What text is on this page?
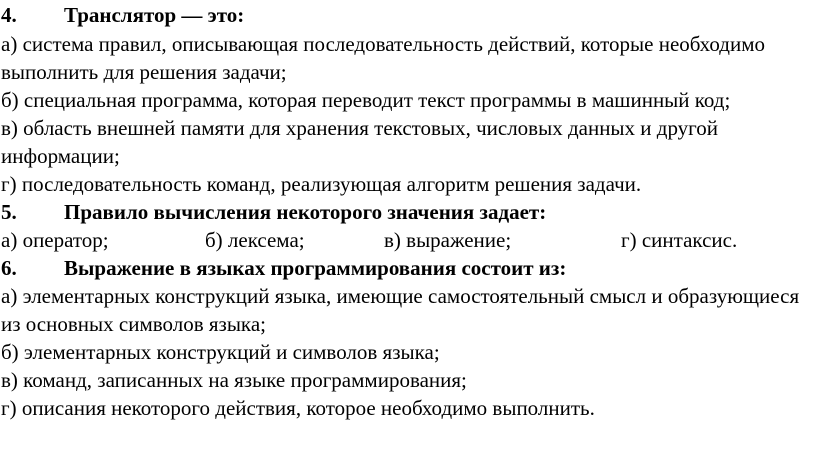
4. Транслятор — это:
а) система правил, описывающая последовательность действий, которые необходимо
выполнить для решения задачи;
б) специальная программа, которая переводит текст программы в машинный код;
в) область внешней памяти для хранения текстовых, числовых данных и другой
информации;
г) последовательность команд, реализующая алгоритм решения задачи.
5. Правило вычисления некоторого значения задает:
а) оператор;	б) лексема;	в) выражение;	г) синтаксис.
6. Выражение в языках программирования состоит из:
а) элементарных конструкций языка, имеющие самостоятельный смысл и образующиеся
из основных символов языка;
б) элементарных конструкций и символов языка;
в) команд, записанных на языке программирования;
г) описания некоторого действия, которое необходимо выполнить.
